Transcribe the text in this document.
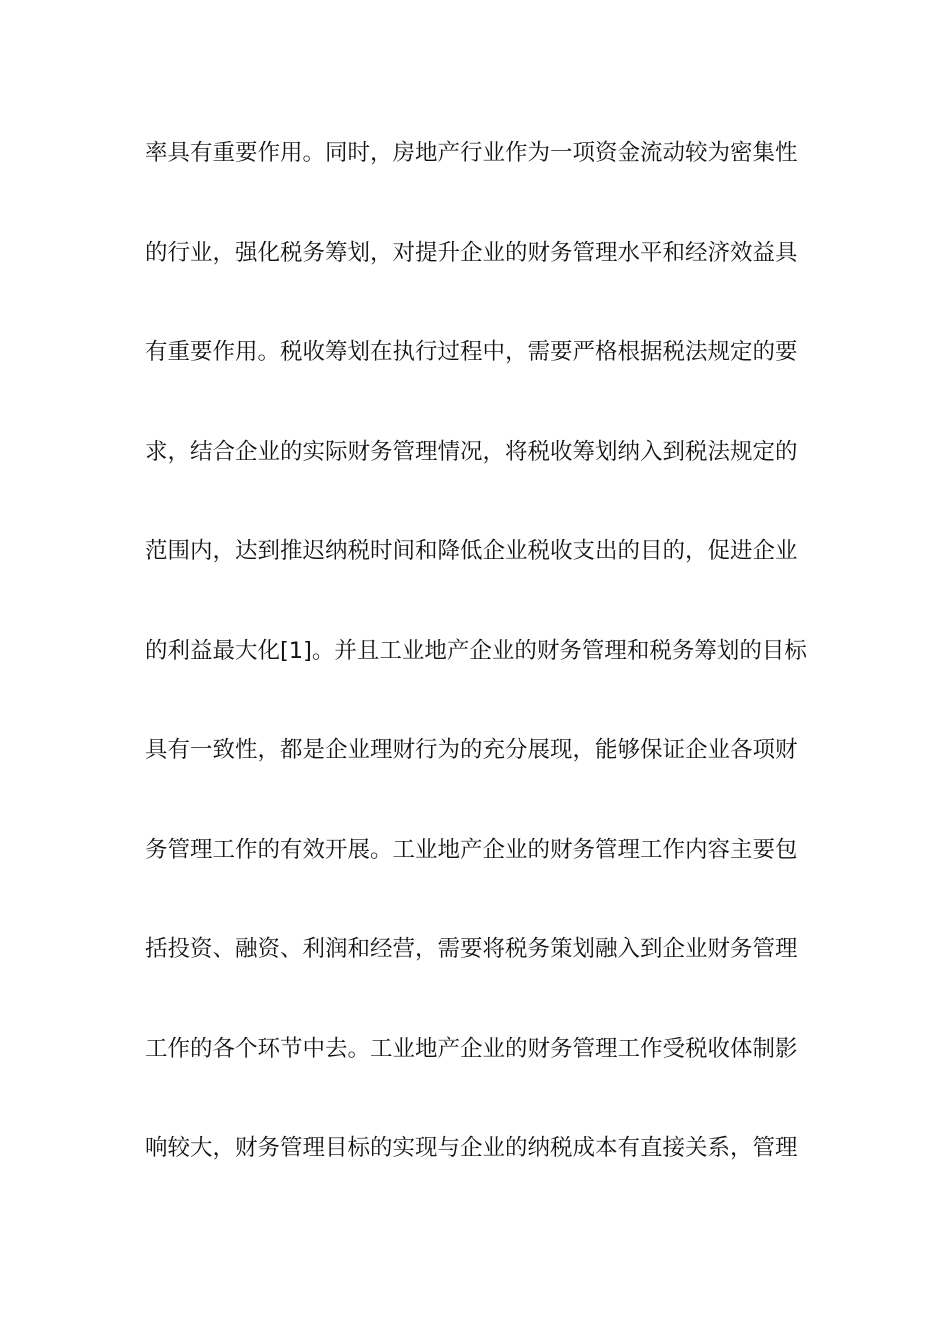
率具有重要作用。同时，房地产行业作为一项资金流动较为密集性
的行业，强化税务筹划，对提升企业的财务管理水平和经济效益具
有重要作用。税收筹划在执行过程中，需要严格根据税法规定的要
求，结合企业的实际财务管理情况，将税收筹划纳入到税法规定的
范围内，达到推迟纳税时间和降低企业税收支出的目的，促进企业
的利益最大化[1]。并且工业地产企业的财务管理和税务筹划的目标
具有一致性，都是企业理财行为的充分展现，能够保证企业各项财
务管理工作的有效开展。工业地产企业的财务管理工作内容主要包
括投资、融资、利润和经营，需要将税务策划融入到企业财务管理
工作的各个环节中去。工业地产企业的财务管理工作受税收体制影
响较大，财务管理目标的实现与企业的纳税成本有直接关系，管理
